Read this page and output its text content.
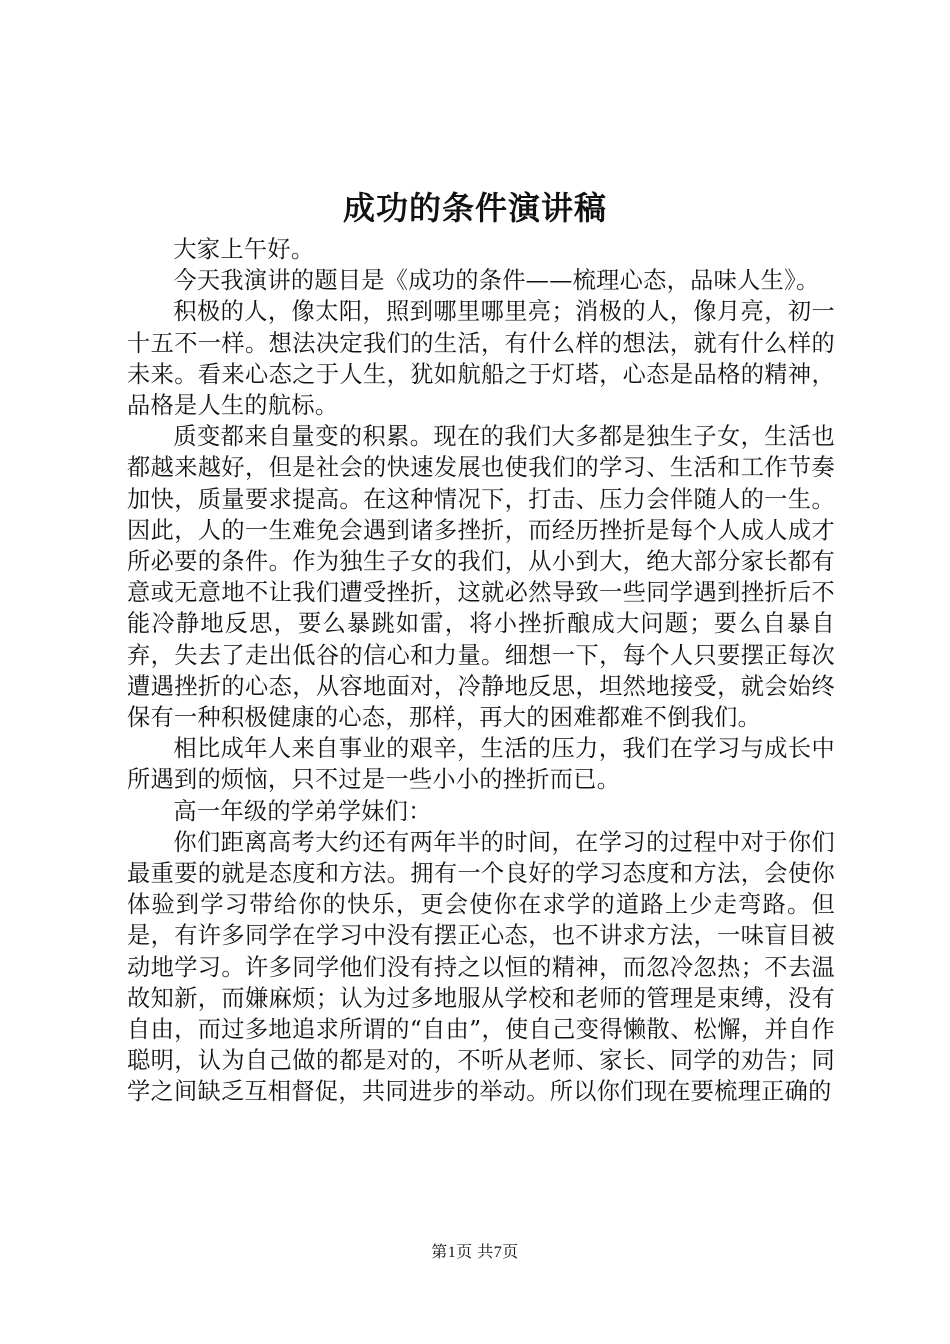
成功的条件演讲稿

大家上午好。

今天我演讲的题目是《成功的条件——梳理心态，品味人生》。

积极的人，像太阳，照到哪里哪里亮；消极的人，像月亮，初一十五不一样。想法决定我们的生活，有什么样的想法，就有什么样的未来。看来心态之于人生，犹如航船之于灯塔，心态是品格的精神，品格是人生的航标。

质变都来自量变的积累。现在的我们大多都是独生子女，生活也都越来越好，但是社会的快速发展也使我们的学习、生活和工作节奏加快，质量要求提高。在这种情况下，打击、压力会伴随人的一生。因此，人的一生难免会遇到诸多挫折，而经历挫折是每个人成人成才所必要的条件。作为独生子女的我们，从小到大，绝大部分家长都有意或无意地不让我们遭受挫折，这就必然导致一些同学遇到挫折后不能冷静地反思，要么暴跳如雷，将小挫折酿成大问题；要么自暴自弃，失去了走出低谷的信心和力量。细想一下，每个人只要摆正每次遭遇挫折的心态，从容地面对，冷静地反思，坦然地接受，就会始终保有一种积极健康的心态，那样，再大的困难都难不倒我们。

相比成年人来自事业的艰辛，生活的压力，我们在学习与成长中所遇到的烦恼，只不过是一些小小的挫折而已。

高一年级的学弟学妹们：

你们距离高考大约还有两年半的时间，在学习的过程中对于你们最重要的就是态度和方法。拥有一个良好的学习态度和方法，会使你体验到学习带给你的快乐，更会使你在求学的道路上少走弯路。但是，有许多同学在学习中没有摆正心态，也不讲求方法，一味盲目被动地学习。许多同学他们没有持之以恒的精神，而忽冷忽热；不去温故知新，而嫌麻烦；认为过多地服从学校和老师的管理是束缚，没有自由，而过多地追求所谓的“自由”，使自己变得懒散、松懈，并自作聪明，认为自己做的都是对的，不听从老师、家长、同学的劝告；同学之间缺乏互相督促，共同进步的举动。所以你们现在要梳理正确的

第1页 共7页
